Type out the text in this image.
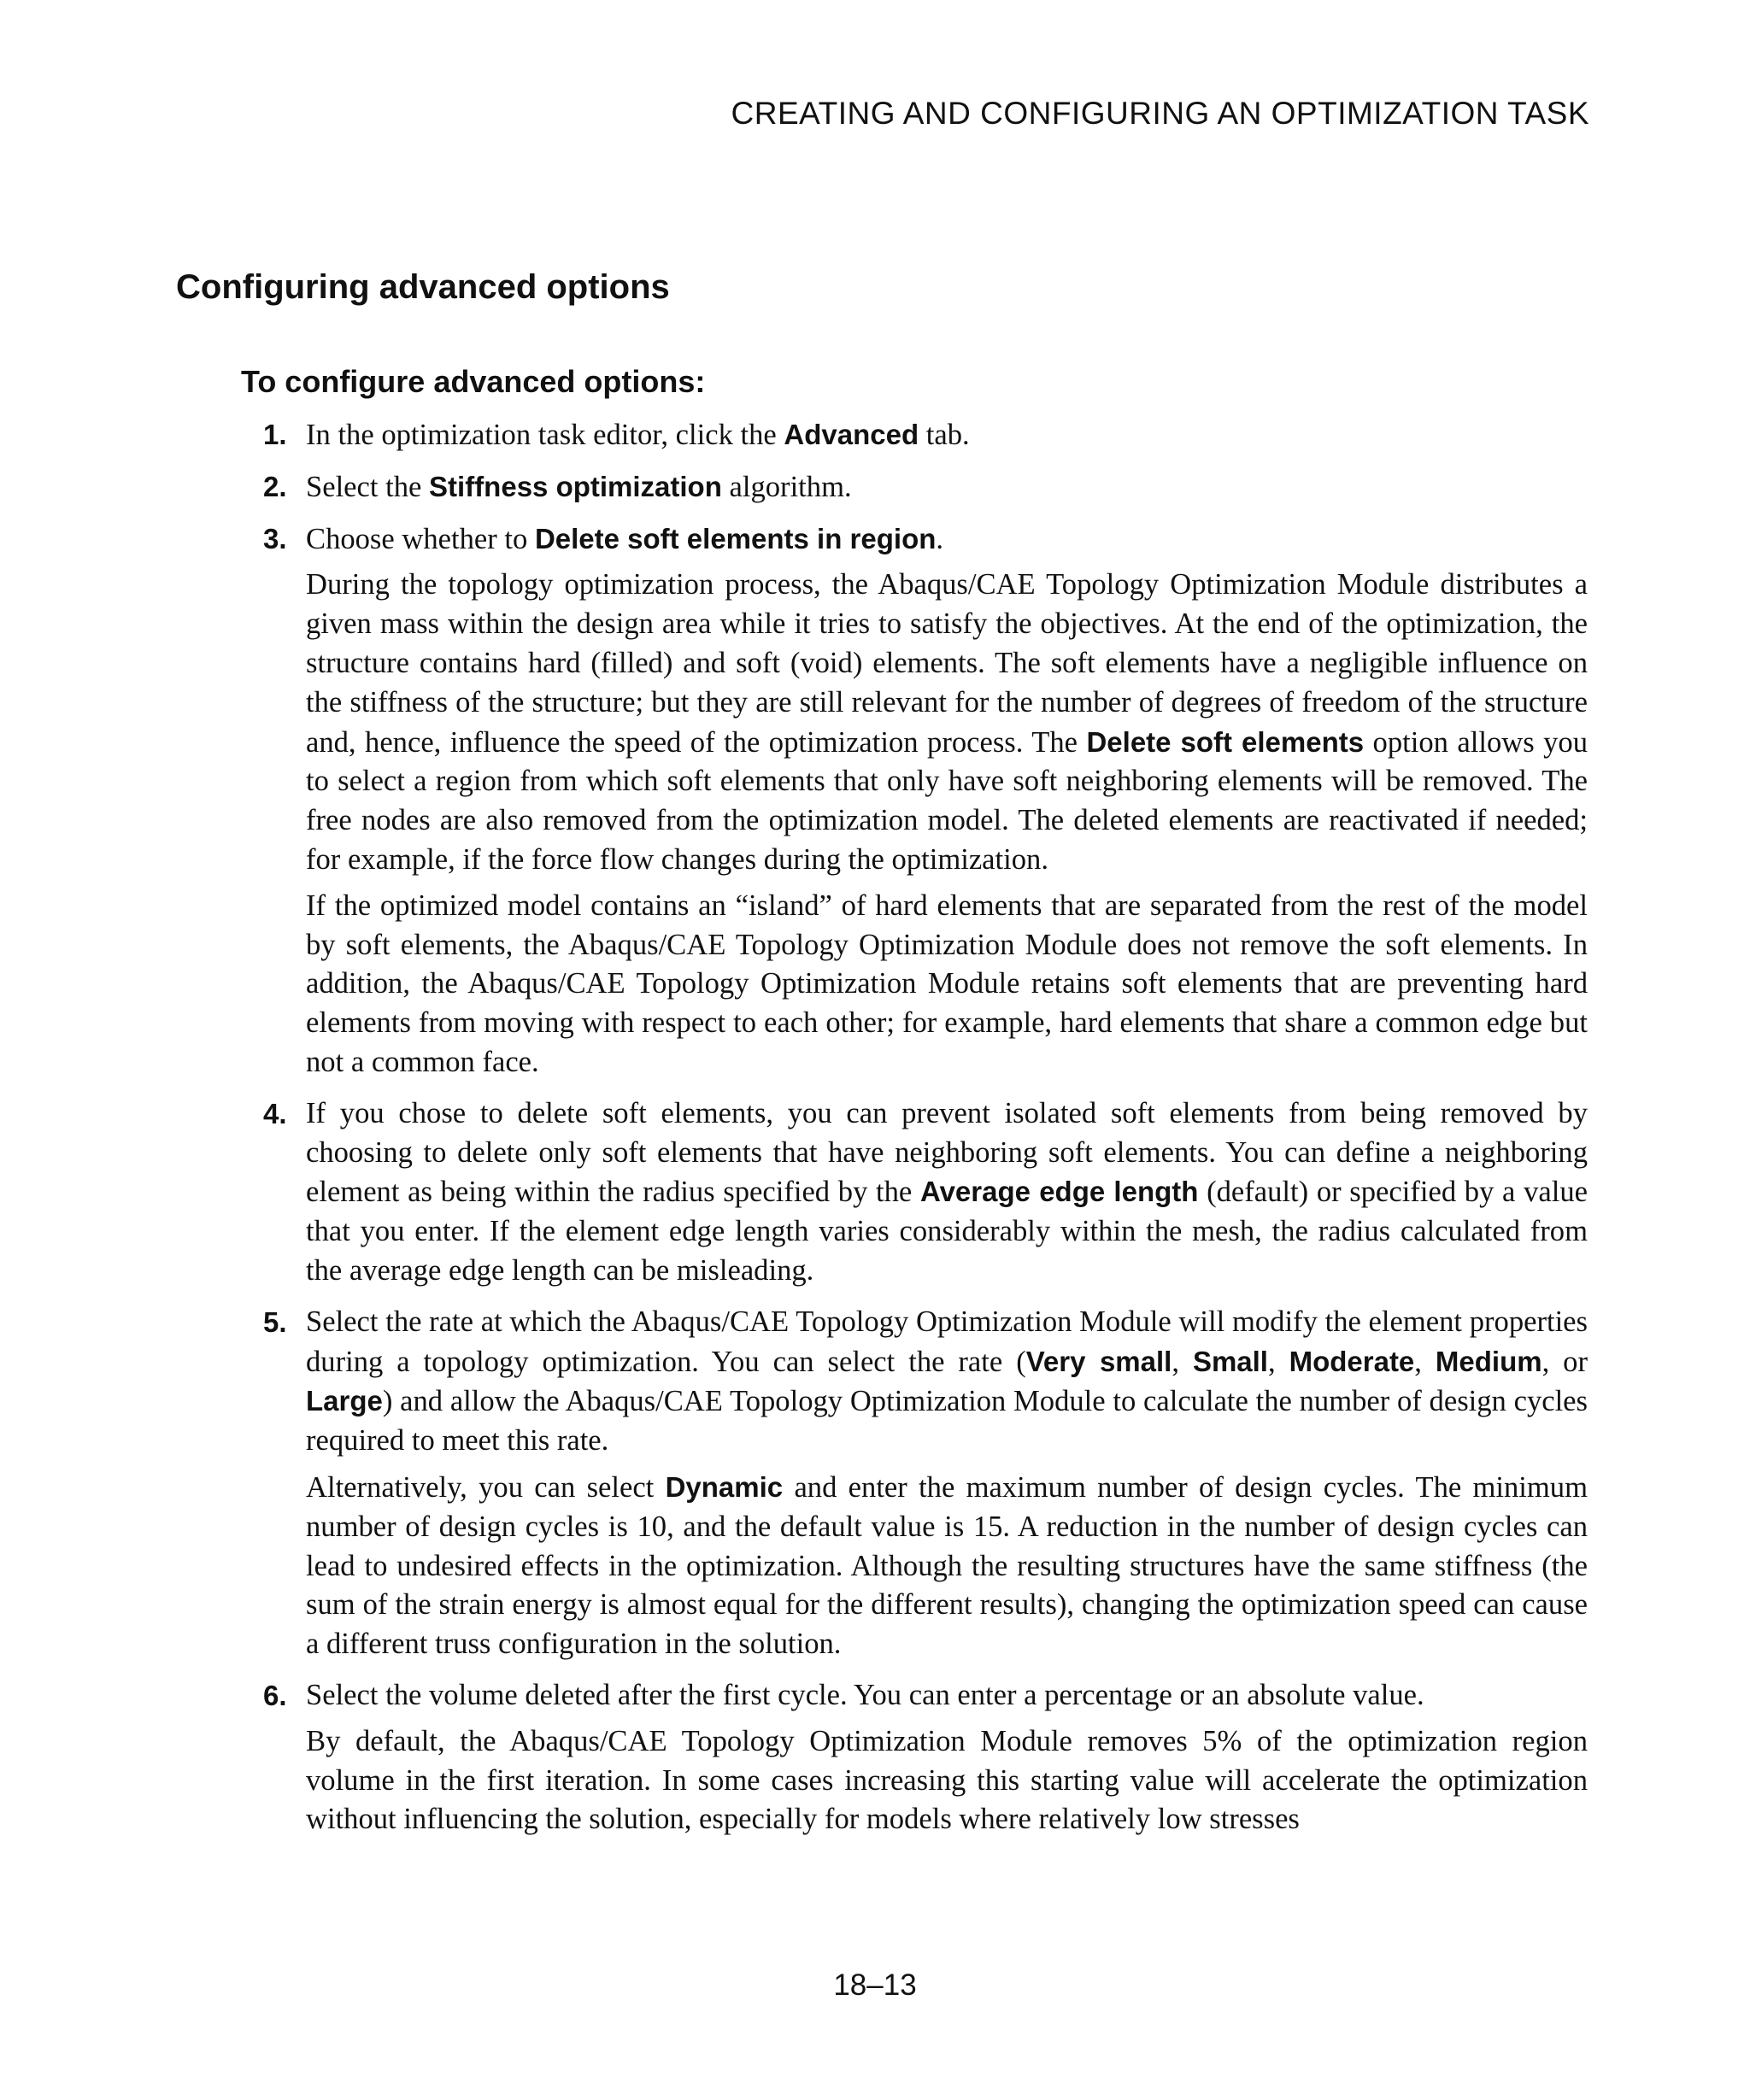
CREATING AND CONFIGURING AN OPTIMIZATION TASK
Configuring advanced options
To configure advanced options:
1. In the optimization task editor, click the Advanced tab.
2. Select the Stiffness optimization algorithm.
3. Choose whether to Delete soft elements in region.
During the topology optimization process, the Abaqus/CAE Topology Optimization Module distributes a given mass within the design area while it tries to satisfy the objectives. At the end of the optimization, the structure contains hard (filled) and soft (void) elements. The soft elements have a negligible influence on the stiffness of the structure; but they are still relevant for the number of degrees of freedom of the structure and, hence, influence the speed of the optimization process. The Delete soft elements option allows you to select a region from which soft elements that only have soft neighboring elements will be removed. The free nodes are also removed from the optimization model. The deleted elements are reactivated if needed; for example, if the force flow changes during the optimization.
If the optimized model contains an “island” of hard elements that are separated from the rest of the model by soft elements, the Abaqus/CAE Topology Optimization Module does not remove the soft elements. In addition, the Abaqus/CAE Topology Optimization Module retains soft elements that are preventing hard elements from moving with respect to each other; for example, hard elements that share a common edge but not a common face.
4. If you chose to delete soft elements, you can prevent isolated soft elements from being removed by choosing to delete only soft elements that have neighboring soft elements. You can define a neighboring element as being within the radius specified by the Average edge length (default) or specified by a value that you enter. If the element edge length varies considerably within the mesh, the radius calculated from the average edge length can be misleading.
5. Select the rate at which the Abaqus/CAE Topology Optimization Module will modify the element properties during a topology optimization. You can select the rate (Very small, Small, Moderate, Medium, or Large) and allow the Abaqus/CAE Topology Optimization Module to calculate the number of design cycles required to meet this rate.
Alternatively, you can select Dynamic and enter the maximum number of design cycles. The minimum number of design cycles is 10, and the default value is 15. A reduction in the number of design cycles can lead to undesired effects in the optimization. Although the resulting structures have the same stiffness (the sum of the strain energy is almost equal for the different results), changing the optimization speed can cause a different truss configuration in the solution.
6. Select the volume deleted after the first cycle. You can enter a percentage or an absolute value.
By default, the Abaqus/CAE Topology Optimization Module removes 5% of the optimization region volume in the first iteration. In some cases increasing this starting value will accelerate the optimization without influencing the solution, especially for models where relatively low stresses
18–13
